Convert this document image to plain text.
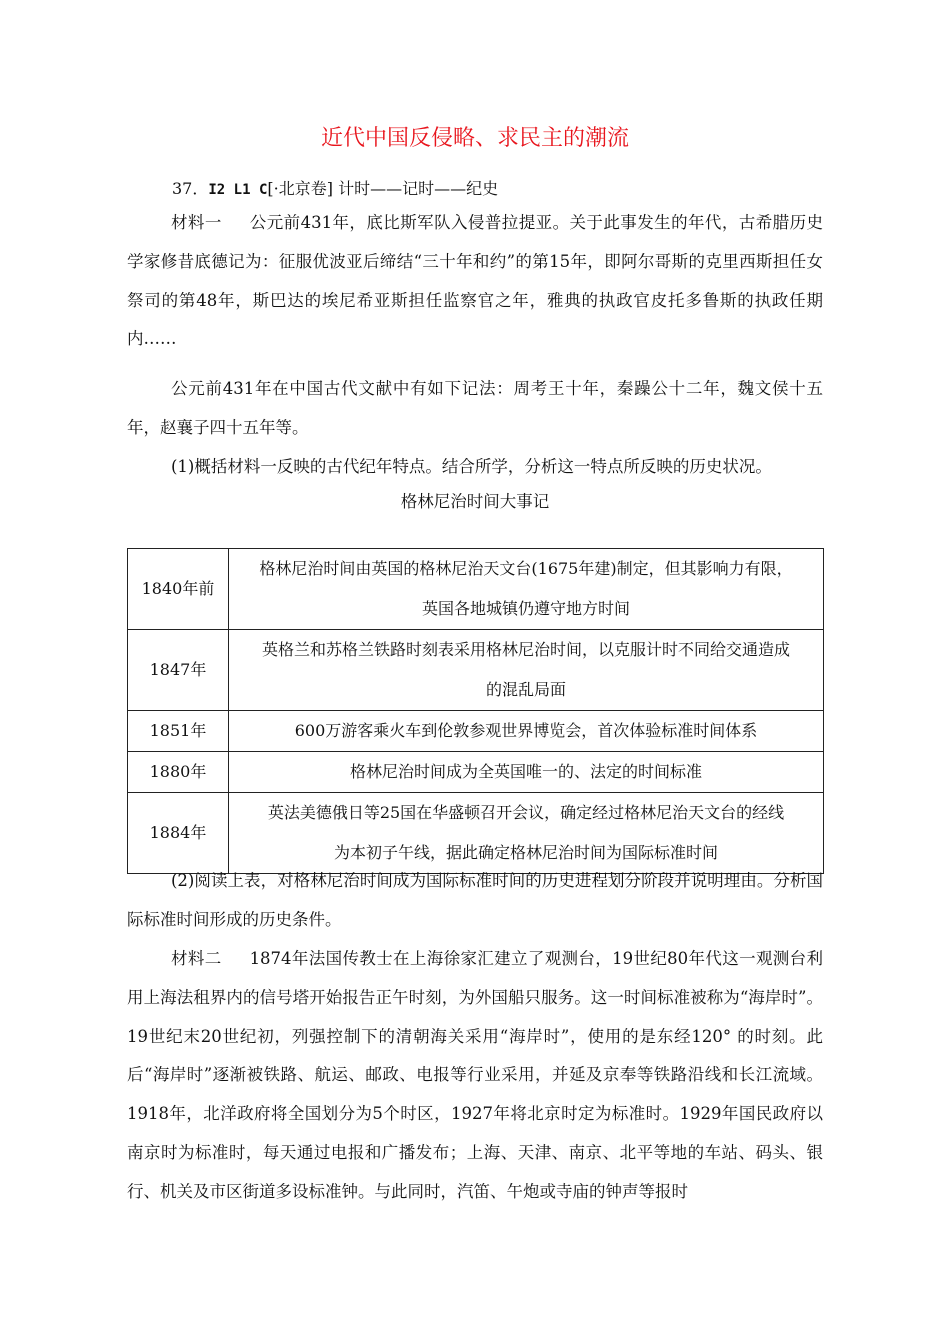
近代中国反侵略、求民主的潮流
37．I2 L1 C[·北京卷] 计时——记时——纪史

材料一 公元前431年，底比斯军队入侵普拉提亚。关于此事发生的年代，古希腊历史学家修昔底德记为：征服优波亚后缔结“三十年和约”的第15年，即阿尔哥斯的克里西斯担任女祭司的第48年，斯巴达的埃尼希亚斯担任监察官之年，雅典的执政官皮托多鲁斯的执政任期内……

公元前431年在中国古代文献中有如下记法：周考王十年，秦躁公十二年，魏文侯十五年，赵襄子四十五年等。

(1)概括材料一反映的古代纪年特点。结合所学，分析这一特点所反映的历史状况。

格林尼治时间大事记
1840年前	格林尼治时间由英国的格林尼治天文台(1675年建)制定，但其影响力有限，
英国各地城镇仍遵守地方时间

1847年	英格兰和苏格兰铁路时刻表采用格林尼治时间，以克服计时不同给交通造成
的混乱局面

1851年	600万游客乘火车到伦敦参观世界博览会，首次体验标准时间体系
1880年	格林尼治时间成为全英国唯一的、法定的时间标准
1884年	英法美德俄日等25国在华盛顿召开会议，确定经过格林尼治天文台的经线
为本初子午线，据此确定格林尼治时间为国际标准时间

(2)阅读上表，对格林尼治时间成为国际标准时间的历史进程划分阶段并说明理由。分析国际标准时间形成的历史条件。

材料二 1874年法国传教士在上海徐家汇建立了观测台，19世纪80年代这一观测台利用上海法租界内的信号塔开始报告正午时刻，为外国船只服务。这一时间标准被称为“海岸时”。19世纪末20世纪初，列强控制下的清朝海关采用“海岸时”，使用的是东经120° 的时刻。此后“海岸时”逐渐被铁路、航运、邮政、电报等行业采用，并延及京奉等铁路沿线和长江流域。1918年，北洋政府将全国划分为5个时区，1927年将北京时定为标准时。1929年国民政府以南京时为标准时，每天通过电报和广播发布；上海、天津、南京、北平等地的车站、码头、银行、机关及市区街道多设标准钟。与此同时，汽笛、午炮或寺庙的钟声等报时
